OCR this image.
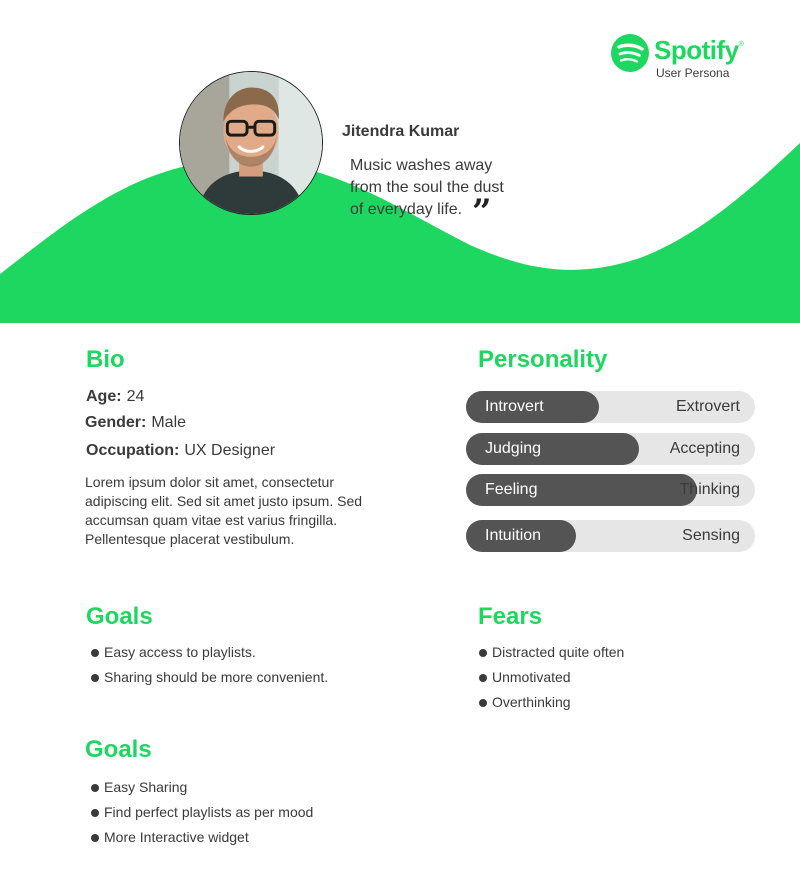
Spotify®
User Persona
Jitendra Kumar
Music washes away
from the soul the dust
of everyday life. ”
Bio
Age: 24
Gender: Male
Occupation: UX Designer
Lorem ipsum dolor sit amet, consectetur adipiscing elit. Sed sit amet justo ipsum. Sed accumsan quam vitae est varius fringilla. Pellentesque placerat vestibulum.
Personality
Introvert	Extrovert
Judging	Accepting
Feeling	Thinking
Intuition	Sensing
Goals
Easy access to playlists.
Sharing should be more convenient.
Fears
Distracted quite often
Unmotivated
Overthinking
Goals
Easy Sharing
Find perfect playlists as per mood
More Interactive widget
